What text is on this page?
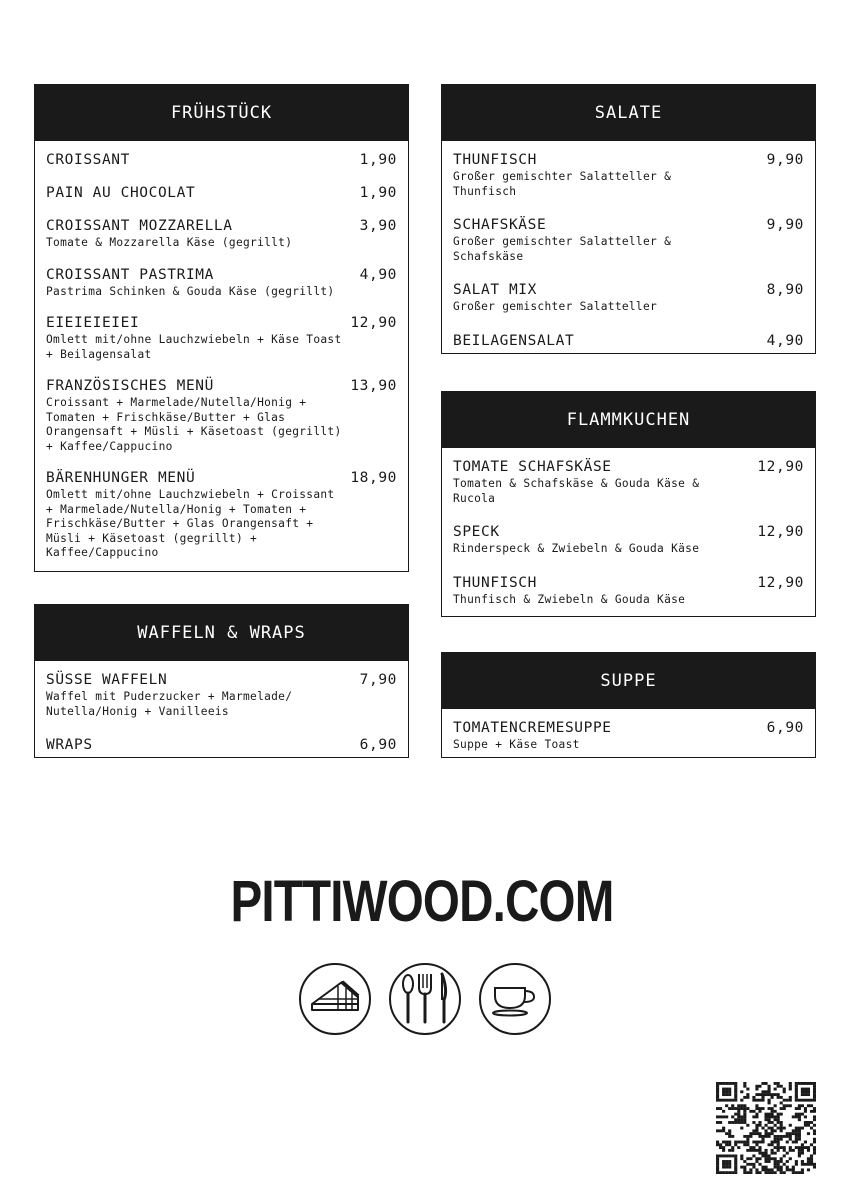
FRÜHSTÜCK
CROISSANT	1,90
PAIN AU CHOCOLAT	1,90
CROISSANT MOZZARELLA	3,90
Tomate & Mozzarella Käse (gegrillt)
CROISSANT PASTRIMA	4,90
Pastrima Schinken & Gouda Käse (gegrillt)
EIEIEIEIEI	12,90
Omlett mit/ohne Lauchzwiebeln + Käse Toast + Beilagensalat
FRANZÖSISCHES MENÜ	13,90
Croissant + Marmelade/Nutella/Honig + Tomaten + Frischkäse/Butter + Glas Orangensaft + Müsli + Käsetoast (gegrillt) + Kaffee/Cappucino
BÄRENHUNGER MENÜ	18,90
Omlett mit/ohne Lauchzwiebeln + Croissant + Marmelade/Nutella/Honig + Tomaten + Frischkäse/Butter + Glas Orangensaft + Müsli + Käsetoast (gegrillt) + Kaffee/Cappucino
SALATE
THUNFISCH	9,90
Großer gemischter Salatteller & Thunfisch
SCHAFSKÄSE	9,90
Großer gemischter Salatteller & Schafskäse
SALAT MIX	8,90
Großer gemischter Salatteller
BEILAGENSALAT	4,90
FLAMMKUCHEN
TOMATE SCHAFSKÄSE	12,90
Tomaten & Schafskäse & Gouda Käse & Rucola
SPECK	12,90
Rinderspeck & Zwiebeln & Gouda Käse
THUNFISCH	12,90
Thunfisch & Zwiebeln & Gouda Käse
WAFFELN & WRAPS
SÜSSE WAFFELN	7,90
Waffel mit Puderzucker + Marmelade/ Nutella/Honig + Vanilleeis
WRAPS	6,90
SUPPE
TOMATENCREMESUPPE	6,90
Suppe + Käse Toast
PITTIWOOD.COM
